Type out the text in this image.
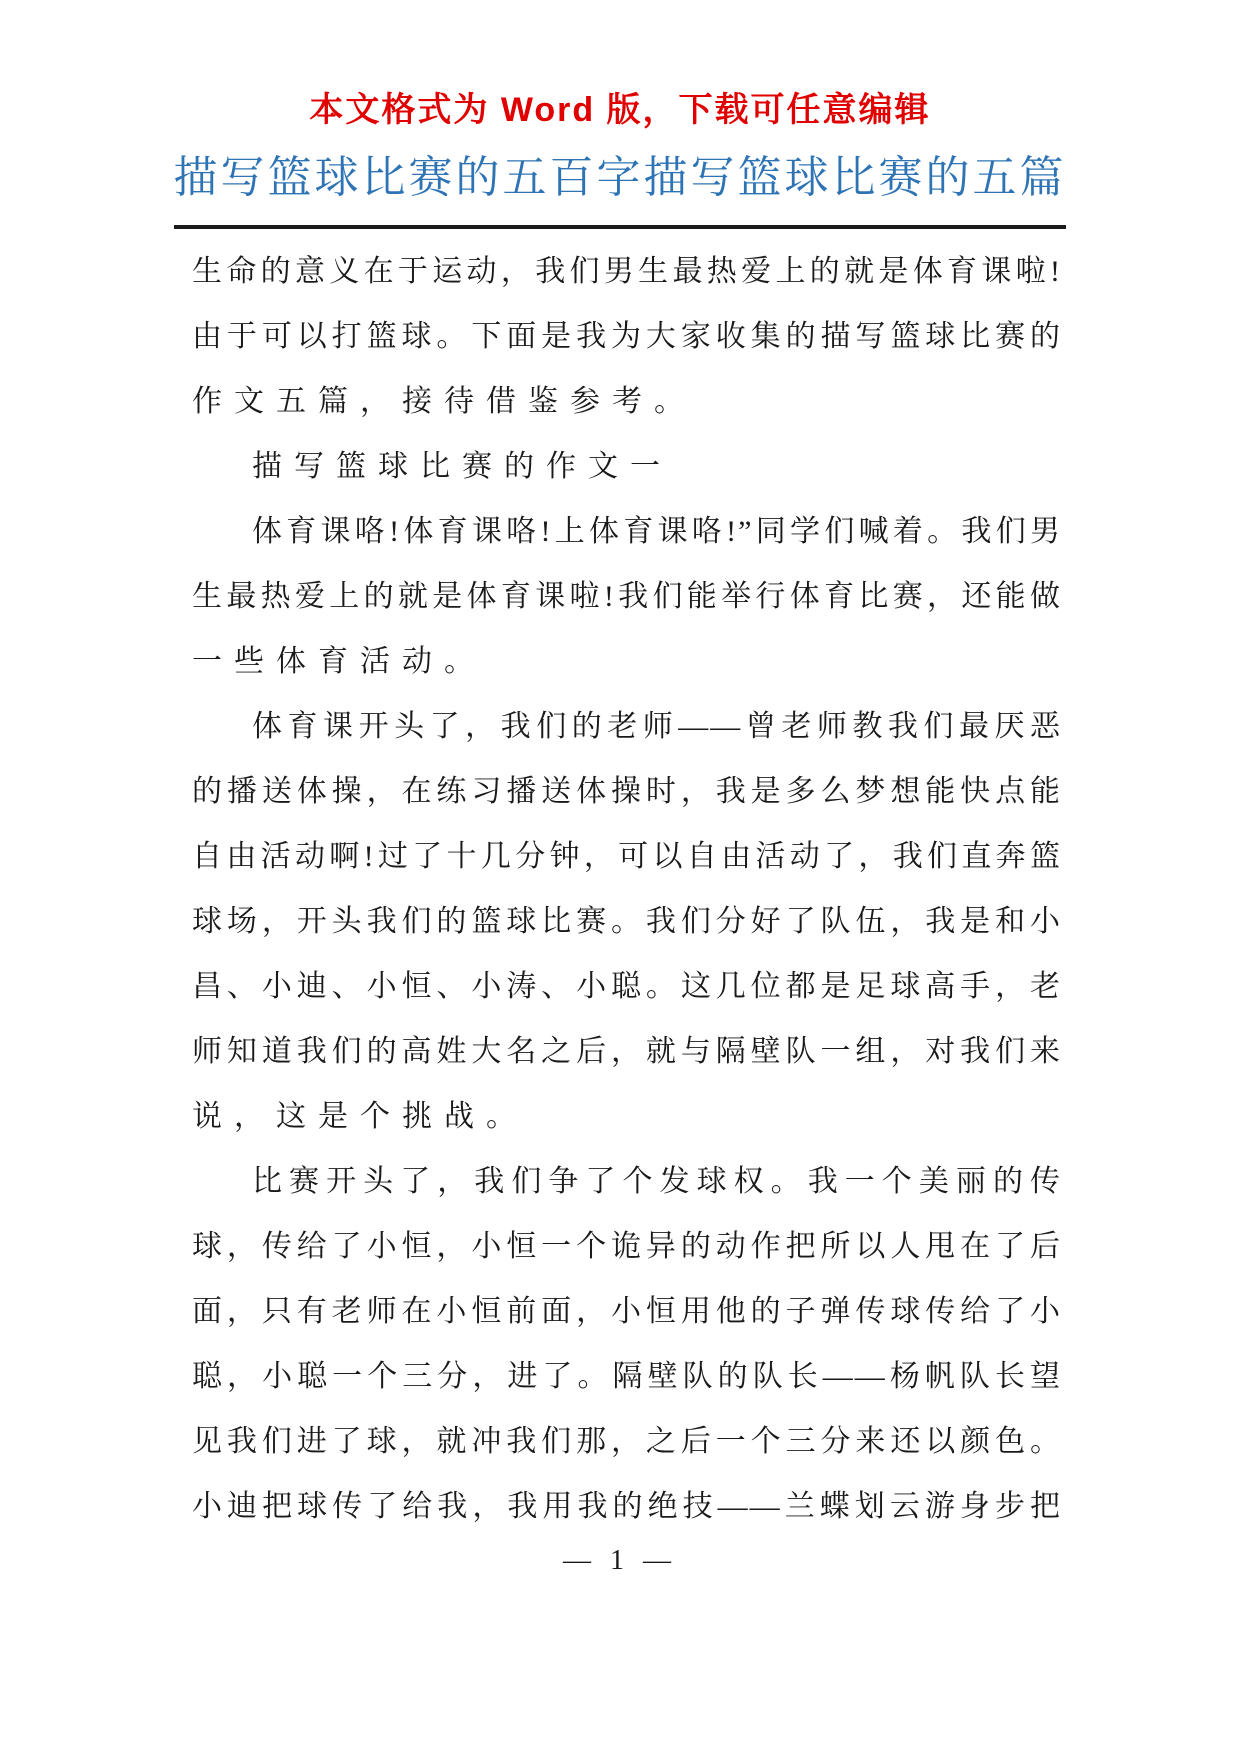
本文格式为 Word 版，下载可任意编辑
描写篮球比赛的五百字描写篮球比赛的五篇
生命的意义在于运动，我们男生最热爱上的就是体育课啦!
由于可以打篮球。下面是我为大家收集的描写篮球比赛的
作文五篇，接待借鉴参考。
描写篮球比赛的作文一
体育课咯!体育课咯!上体育课咯!”同学们喊着。我们男
生最热爱上的就是体育课啦!我们能举行体育比赛，还能做
一些体育活动。
体育课开头了，我们的老师——曾老师教我们最厌恶
的播送体操，在练习播送体操时，我是多么梦想能快点能
自由活动啊!过了十几分钟，可以自由活动了，我们直奔篮
球场，开头我们的篮球比赛。我们分好了队伍，我是和小
昌、小迪、小恒、小涛、小聪。这几位都是足球高手，老
师知道我们的高姓大名之后，就与隔壁队一组，对我们来
说，这是个挑战。
比赛开头了，我们争了个发球权。我一个美丽的传
球，传给了小恒，小恒一个诡异的动作把所以人甩在了后
面，只有老师在小恒前面，小恒用他的子弹传球传给了小
聪，小聪一个三分，进了。隔壁队的队长——杨帆队长望
见我们进了球，就冲我们那，之后一个三分来还以颜色。
小迪把球传了给我，我用我的绝技——兰蝶划云游身步把
— 1 —
